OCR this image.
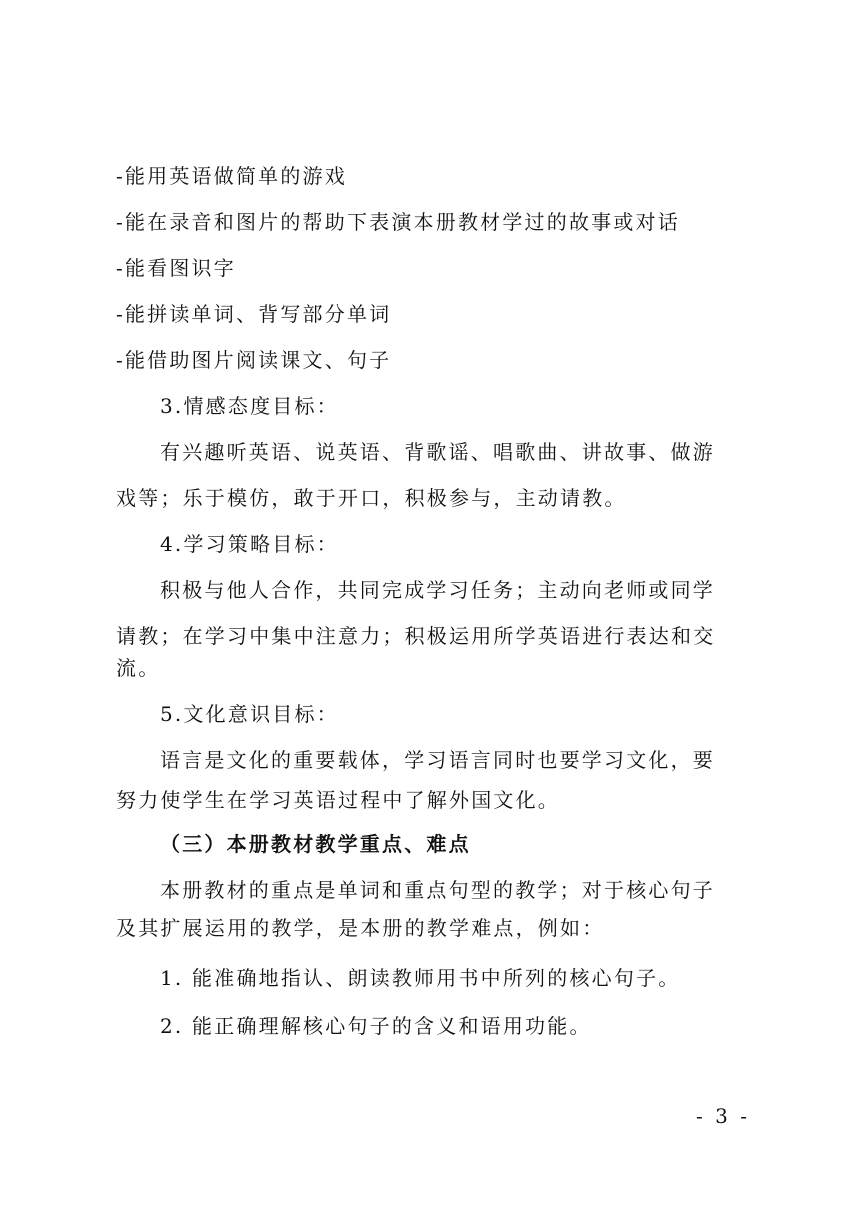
-能用英语做简单的游戏
-能在录音和图片的帮助下表演本册教材学过的故事或对话
-能看图识字
-能拼读单词、背写部分单词
-能借助图片阅读课文、句子
3.情感态度目标：
有兴趣听英语、说英语、背歌谣、唱歌曲、讲故事、做游
戏等；乐于模仿，敢于开口，积极参与，主动请教。
4.学习策略目标：
积极与他人合作，共同完成学习任务；主动向老师或同学
请教；在学习中集中注意力；积极运用所学英语进行表达和交
流。
5.文化意识目标：
语言是文化的重要载体，学习语言同时也要学习文化，要
努力使学生在学习英语过程中了解外国文化。
（三）本册教材教学重点、难点
本册教材的重点是单词和重点句型的教学；对于核心句子
及其扩展运用的教学，是本册的教学难点，例如：
1. 能准确地指认、朗读教师用书中所列的核心句子。
2. 能正确理解核心句子的含义和语用功能。
- 3 -
